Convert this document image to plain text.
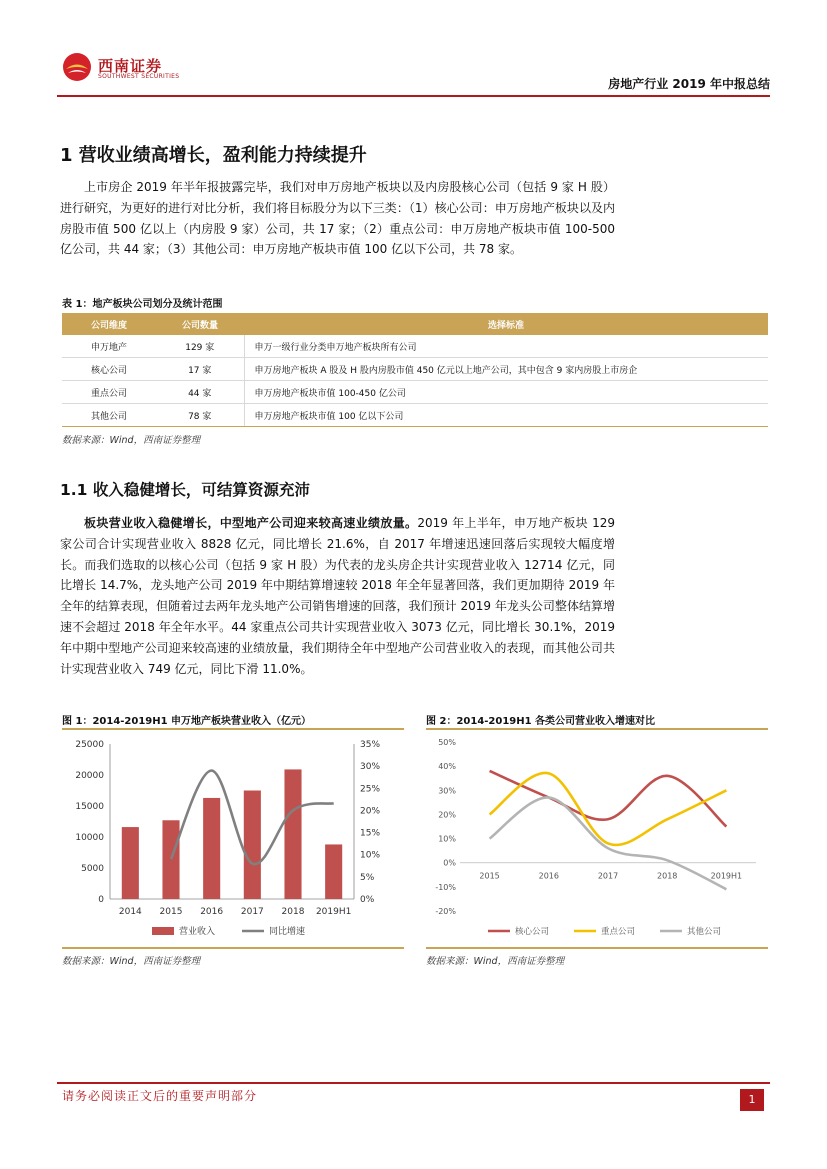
西南证券
SOUTHWEST SECURITIES
房地产行业 2019 年中报总结
1 营收业绩高增长，盈利能力持续提升

上市房企 2019 年半年报披露完毕，我们对申万房地产板块以及内房股核心公司（包括 9 家 H 股）进行研究，为更好的进行对比分析，我们将目标股分为以下三类：（1）核心公司：申万房地产板块以及内房股市值 500 亿以上（内房股 9 家）公司，共 17 家；（2）重点公司：申万房地产板块市值 100-500 亿公司，共 44 家；（3）其他公司：申万房地产板块市值 100 亿以下公司，共 78 家。

表 1：地产板块公司划分及统计范围
公司维度	公司数量	选择标准
申万地产	129 家	申万一级行业分类申万地产板块所有公司
核心公司	17 家	申万房地产板块 A 股及 H 股内房股市值 450 亿元以上地产公司，其中包含 9 家内房股上市房企
重点公司	44 家	申万房地产板块市值 100-450 亿公司
其他公司	78 家	申万房地产板块市值 100 亿以下公司
数据来源：Wind，西南证券整理
1.1 收入稳健增长，可结算资源充沛

板块营业收入稳健增长，中型地产公司迎来较高速业绩放量。2019 年上半年，申万地产板块 129 家公司合计实现营业收入 8828 亿元，同比增长 21.6%，自 2017 年增速迅速回落后实现较大幅度增长。而我们选取的以核心公司（包括 9 家 H 股）为代表的龙头房企共计实现营业收入 12714 亿元，同比增长 14.7%，龙头地产公司 2019 年中期结算增速较 2018 年全年显著回落，我们更加期待 2019 年全年的结算表现，但随着过去两年龙头地产公司销售增速的回落，我们预计 2019 年龙头公司整体结算增速不会超过 2018 年全年水平。44 家重点公司共计实现营业收入 3073 亿元，同比增长 30.1%，2019 年中期中型地产公司迎来较高速的业绩放量，我们期待全年中型地产公司营业收入的表现，而其他公司共计实现营业收入 749 亿元，同比下滑 11.0%。

图 1：2014-2019H1 申万地产板块营业收入（亿元）
0
5000
10000
15000
20000
25000
0%
5%
10%
15%
20%
25%
30%
35%
2014 2015 2016 2017 2018 2019H1
营业收入	同比增速
数据来源：Wind，西南证券整理
图 2：2014-2019H1 各类公司营业收入增速对比
-20%
-10%
0%
10%
20%
30%
40%
50%
2015	2016	2017	2018	2019H1
核心公司	重点公司	其他公司
数据来源：Wind，西南证券整理
请务必阅读正文后的重要声明部分	1
